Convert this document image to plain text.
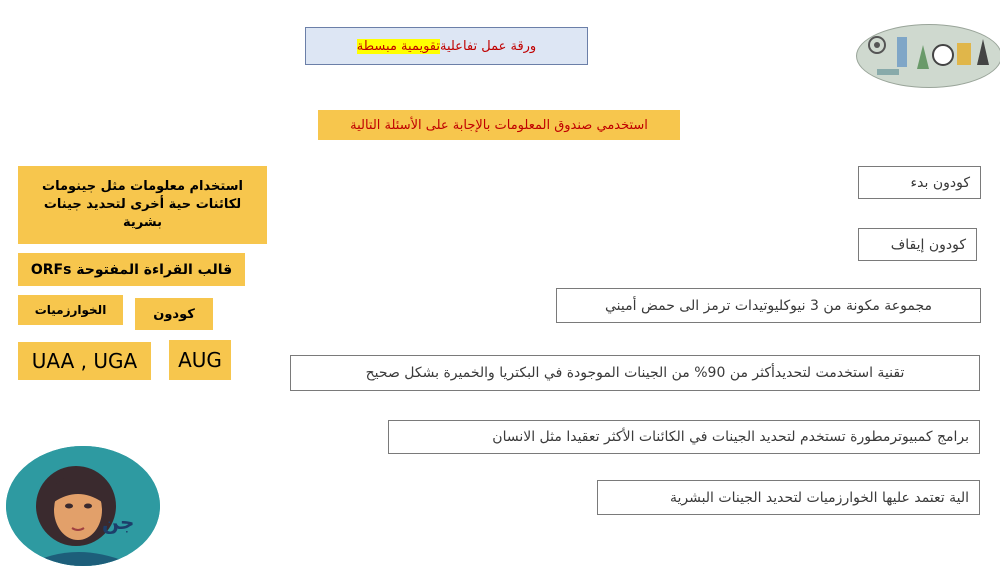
ورقة عمل تفاعلية
تقويمية مبسطة
استخدمي صندوق المعلومات بالإجابة على الأسئلة التالية
استخدام معلومات مثل جينومات لكائنات حية أخرى لتحديد جينات بشرية
قالب القراءة المفتوحة ORFs
الخوارزميات	كودون
UAA , UGA	AUG
كودون بدء
كودون إيقاف
مجموعة مكونة من 3 نيوكليوتيدات ترمز الى حمض أميني
تقنية استخدمت لتحديدأكثر من 90% من الجينات الموجودة في البكتريا والخميرة بشكل صحيح
برامج كمبيوترمطورة تستخدم لتحديد الجينات في الكائنات الأكثر تعقيدا مثل الانسان
الية تعتمد عليها الخوارزميات لتحديد الجينات البشرية
جن
